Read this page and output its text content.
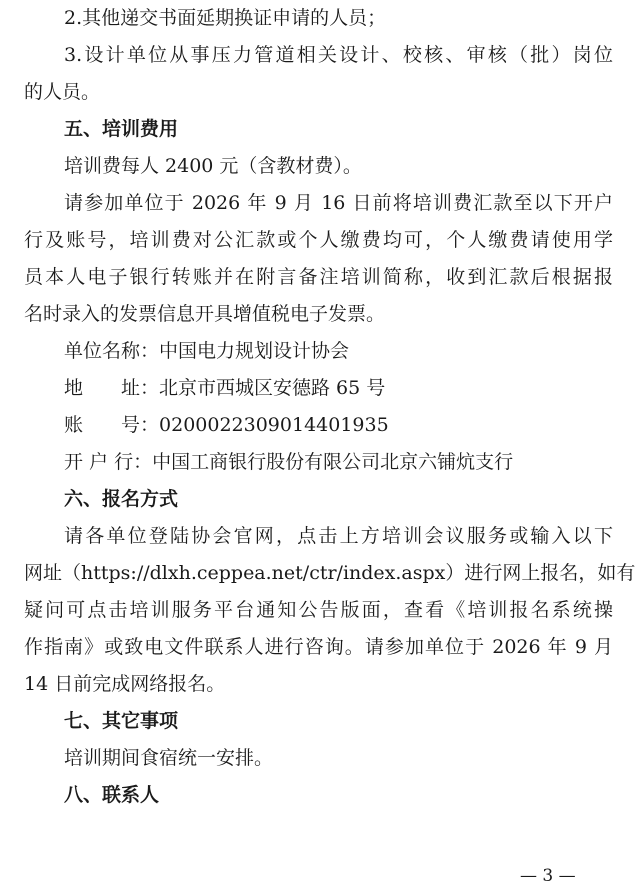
2.其他递交书面延期换证申请的人员；
3.设计单位从事压力管道相关设计、校核、审核（批）岗位
的人员。
五、培训费用
培训费每人 2400 元（含教材费）。
请参加单位于 2026 年 9 月 16 日前将培训费汇款至以下开户
行及账号，培训费对公汇款或个人缴费均可，个人缴费请使用学
员本人电子银行转账并在附言备注培训简称，收到汇款后根据报
名时录入的发票信息开具增值税电子发票。
单位名称：中国电力规划设计协会
地　　址：北京市西城区安德路 65 号
账　　号：0200022309014401935
开 户 行：中国工商银行股份有限公司北京六铺炕支行
六、报名方式
请各单位登陆协会官网，点击上方培训会议服务或输入以下
网址（https://dlxh.ceppea.net/ctr/index.aspx）进行网上报名，如有
疑问可点击培训服务平台通知公告版面，查看《培训报名系统操
作指南》或致电文件联系人进行咨询。请参加单位于 2026 年 9 月
14 日前完成网络报名。
七、其它事项
培训期间食宿统一安排。
八、联系人
— 3 —
